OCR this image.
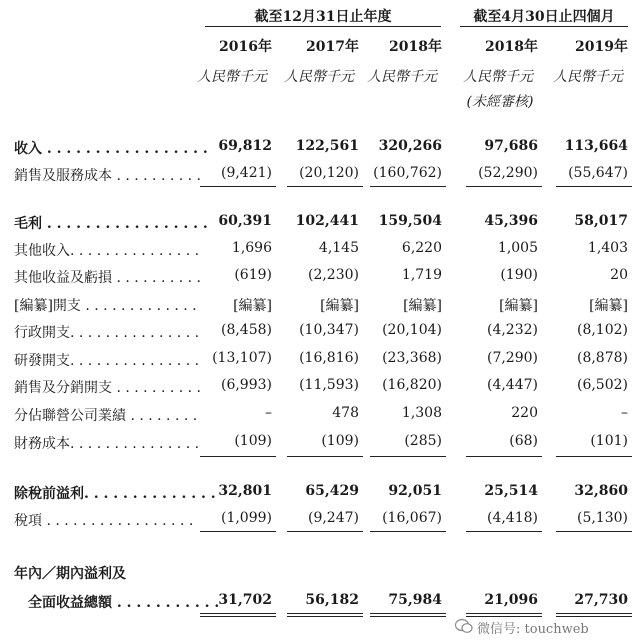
截至12月31日止年度	截至4月30日止四個月
2016年	2017年	2018年	2018年	2019年
人民幣千元	人民幣千元 人民幣千元	人民幣千元	人民幣千元
(未經審核)
收入 . . . . . . . . . . . . . . . . . 69,812	122,561	320,266	97,686	113,664
銷售及服務成本 . . . . . . . . . .	(9,421)	(20,120)	(160,762)	(52,290)	(55,647)
毛利 . . . . . . . . . . . . . . . . . 60,391	102,441	159,504	45,396	58,017
其他收入. . . . . . . . . . . . . . .	1,696	4,145	6,220	1,005	1,403
其他收益及虧損 . . . . . . . . . .	(619)	(2,230)	1,719	(190)	20
[編纂]開支 . . . . . . . . . . . . .	[編纂]	[編纂]	[編纂]	[編纂]	[編纂]
行政開支. . . . . . . . . . . . . . .	(8,458)	(10,347)	(20,104)	(4,232)	(8,102)
研發開支. . . . . . . . . . . . . . . (13,107)	(16,816)	(23,368)	(7,290)	(8,878)
銷售及分銷開支 . . . . . . . . . .	(6,993)	(11,593)	(16,820)	(4,447)	(6,502)
分佔聯營公司業績 . . . . . . . .	–	478	1,308	220	–
財務成本. . . . . . . . . . . . . . .	(109)	(109)	(285)	(68)	(101)
除稅前溢利. . . . . . . . . . . . . . 32,801	65,429	92,051	25,514	32,860
稅項 . . . . . . . . . . . . . . . . .	(1,099)	(9,247)	(16,067)	(4,418)	(5,130)
年內／期內溢利及
全面收益總額 . . . . . . . . . . . 31,702	56,182	75,984	21,096	27,730
微信号: touchweb
